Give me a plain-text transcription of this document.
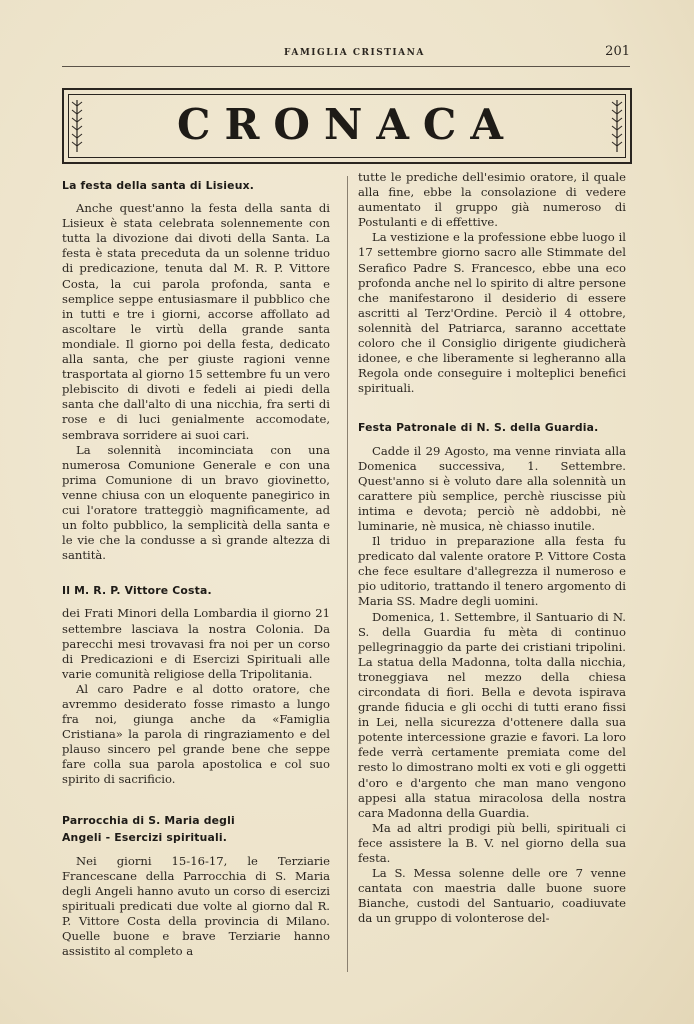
FAMIGLIA CRISTIANA	201
CRONACA
La festa della santa di Lisieux.

Anche quest'anno la festa della santa di Lisieux è stata celebrata solennemente con tutta la divozione dai divoti della Santa. La festa è stata preceduta da un solenne triduo di predicazione, tenuta dal M. R. P. Vittore Costa, la cui parola profonda, santa e semplice seppe entusiasmare il pubblico che in tutti e tre i giorni, accorse affollato ad ascoltare le virtù della grande santa mondiale. Il giorno poi della festa, dedicato alla santa, che per giuste ragioni venne trasportata al giorno 15 settembre fu un vero plebiscito di divoti e fedeli ai piedi della santa che dall'alto di una nicchia, fra serti di rose e di luci genialmente accomodate, sembrava sorridere ai suoi cari.

La solennità incominciata con una numerosa Comunione Generale e con una prima Comunione di un bravo giovinetto, venne chiusa con un eloquente panegirico in cui l'oratore tratteggiò magnificamente, ad un folto pubblico, la semplicità della santa e le vie che la condusse a sì grande altezza di santità.

Il M. R. P. Vittore Costa.

dei Frati Minori della Lombardia il giorno 21 settembre lasciava la nostra Colonia. Da parecchi mesi trovavasi fra noi per un corso di Predicazioni e di Esercizi Spirituali alle varie comunità religiose della Tripolitania.

Al caro Padre e al dotto oratore, che avremmo desiderato fosse rimasto a lungo fra noi, giunga anche da «Famiglia Cristiana» la parola di ringraziamento e del plauso sincero pel grande bene che seppe fare colla sua parola apostolica e col suo spirito di sacrificio.

Parrocchia di S. Maria degli
Angeli - Esercizi spirituali.

Nei giorni 15-16-17, le Terziarie Francescane della Parrocchia di S. Maria degli Angeli hanno avuto un corso di esercizi spirituali predicati due volte al giorno dal R. P. Vittore Costa della provincia di Milano. Quelle buone e brave Terziarie hanno assistito al completo a

tutte le prediche dell'esimio oratore, il quale alla fine, ebbe la consolazione di vedere aumentato il gruppo già numeroso di Postulanti e di effettive.

La vestizione e la professione ebbe luogo il 17 settembre giorno sacro alle Stimmate del Serafico Padre S. Francesco, ebbe una eco profonda anche nel lo spirito di altre persone che manifestarono il desiderio di essere ascritti al Terz'Ordine. Perciò il 4 ottobre, solennità del Patriarca, saranno accettate coloro che il Consiglio dirigente giudicherà idonee, e che liberamente si legheranno alla Regola onde conseguire i molteplici benefici spirituali.

Festa Patronale di N. S. della Guardia.

Cadde il 29 Agosto, ma venne rinviata alla Domenica successiva, 1. Settembre. Quest'anno si è voluto dare alla solennità un carattere più semplice, perchè riuscisse più intima e devota; perciò nè addobbi, nè luminarie, nè musica, nè chiasso inutile.

Il triduo in preparazione alla festa fu predicato dal valente oratore P. Vittore Costa che fece esultare d'allegrezza il numeroso e pio uditorio, trattando il tenero argomento di Maria SS. Madre degli uomini.

Domenica, 1. Settembre, il Santuario di N. S. della Guardia fu mèta di continuo pellegrinaggio da parte dei cristiani tripolini. La statua della Madonna, tolta dalla nicchia, troneggiava nel mezzo della chiesa circondata di fiori. Bella e devota ispirava grande fiducia e gli occhi di tutti erano fissi in Lei, nella sicurezza d'ottenere dalla sua potente intercessione grazie e favori. La loro fede verrà certamente premiata come del resto lo dimostrano molti ex voti e gli oggetti d'oro e d'argento che man mano vengono appesi alla statua miracolosa della nostra cara Madonna della Guardia.

Ma ad altri prodigi più belli, spirituali ci fece assistere la B. V. nel giorno della sua festa.

La S. Messa solenne delle ore 7 venne cantata con maestria dalle buone suore Bianche, custodi del Santuario, coadiuvate da un gruppo di volonterose del-
